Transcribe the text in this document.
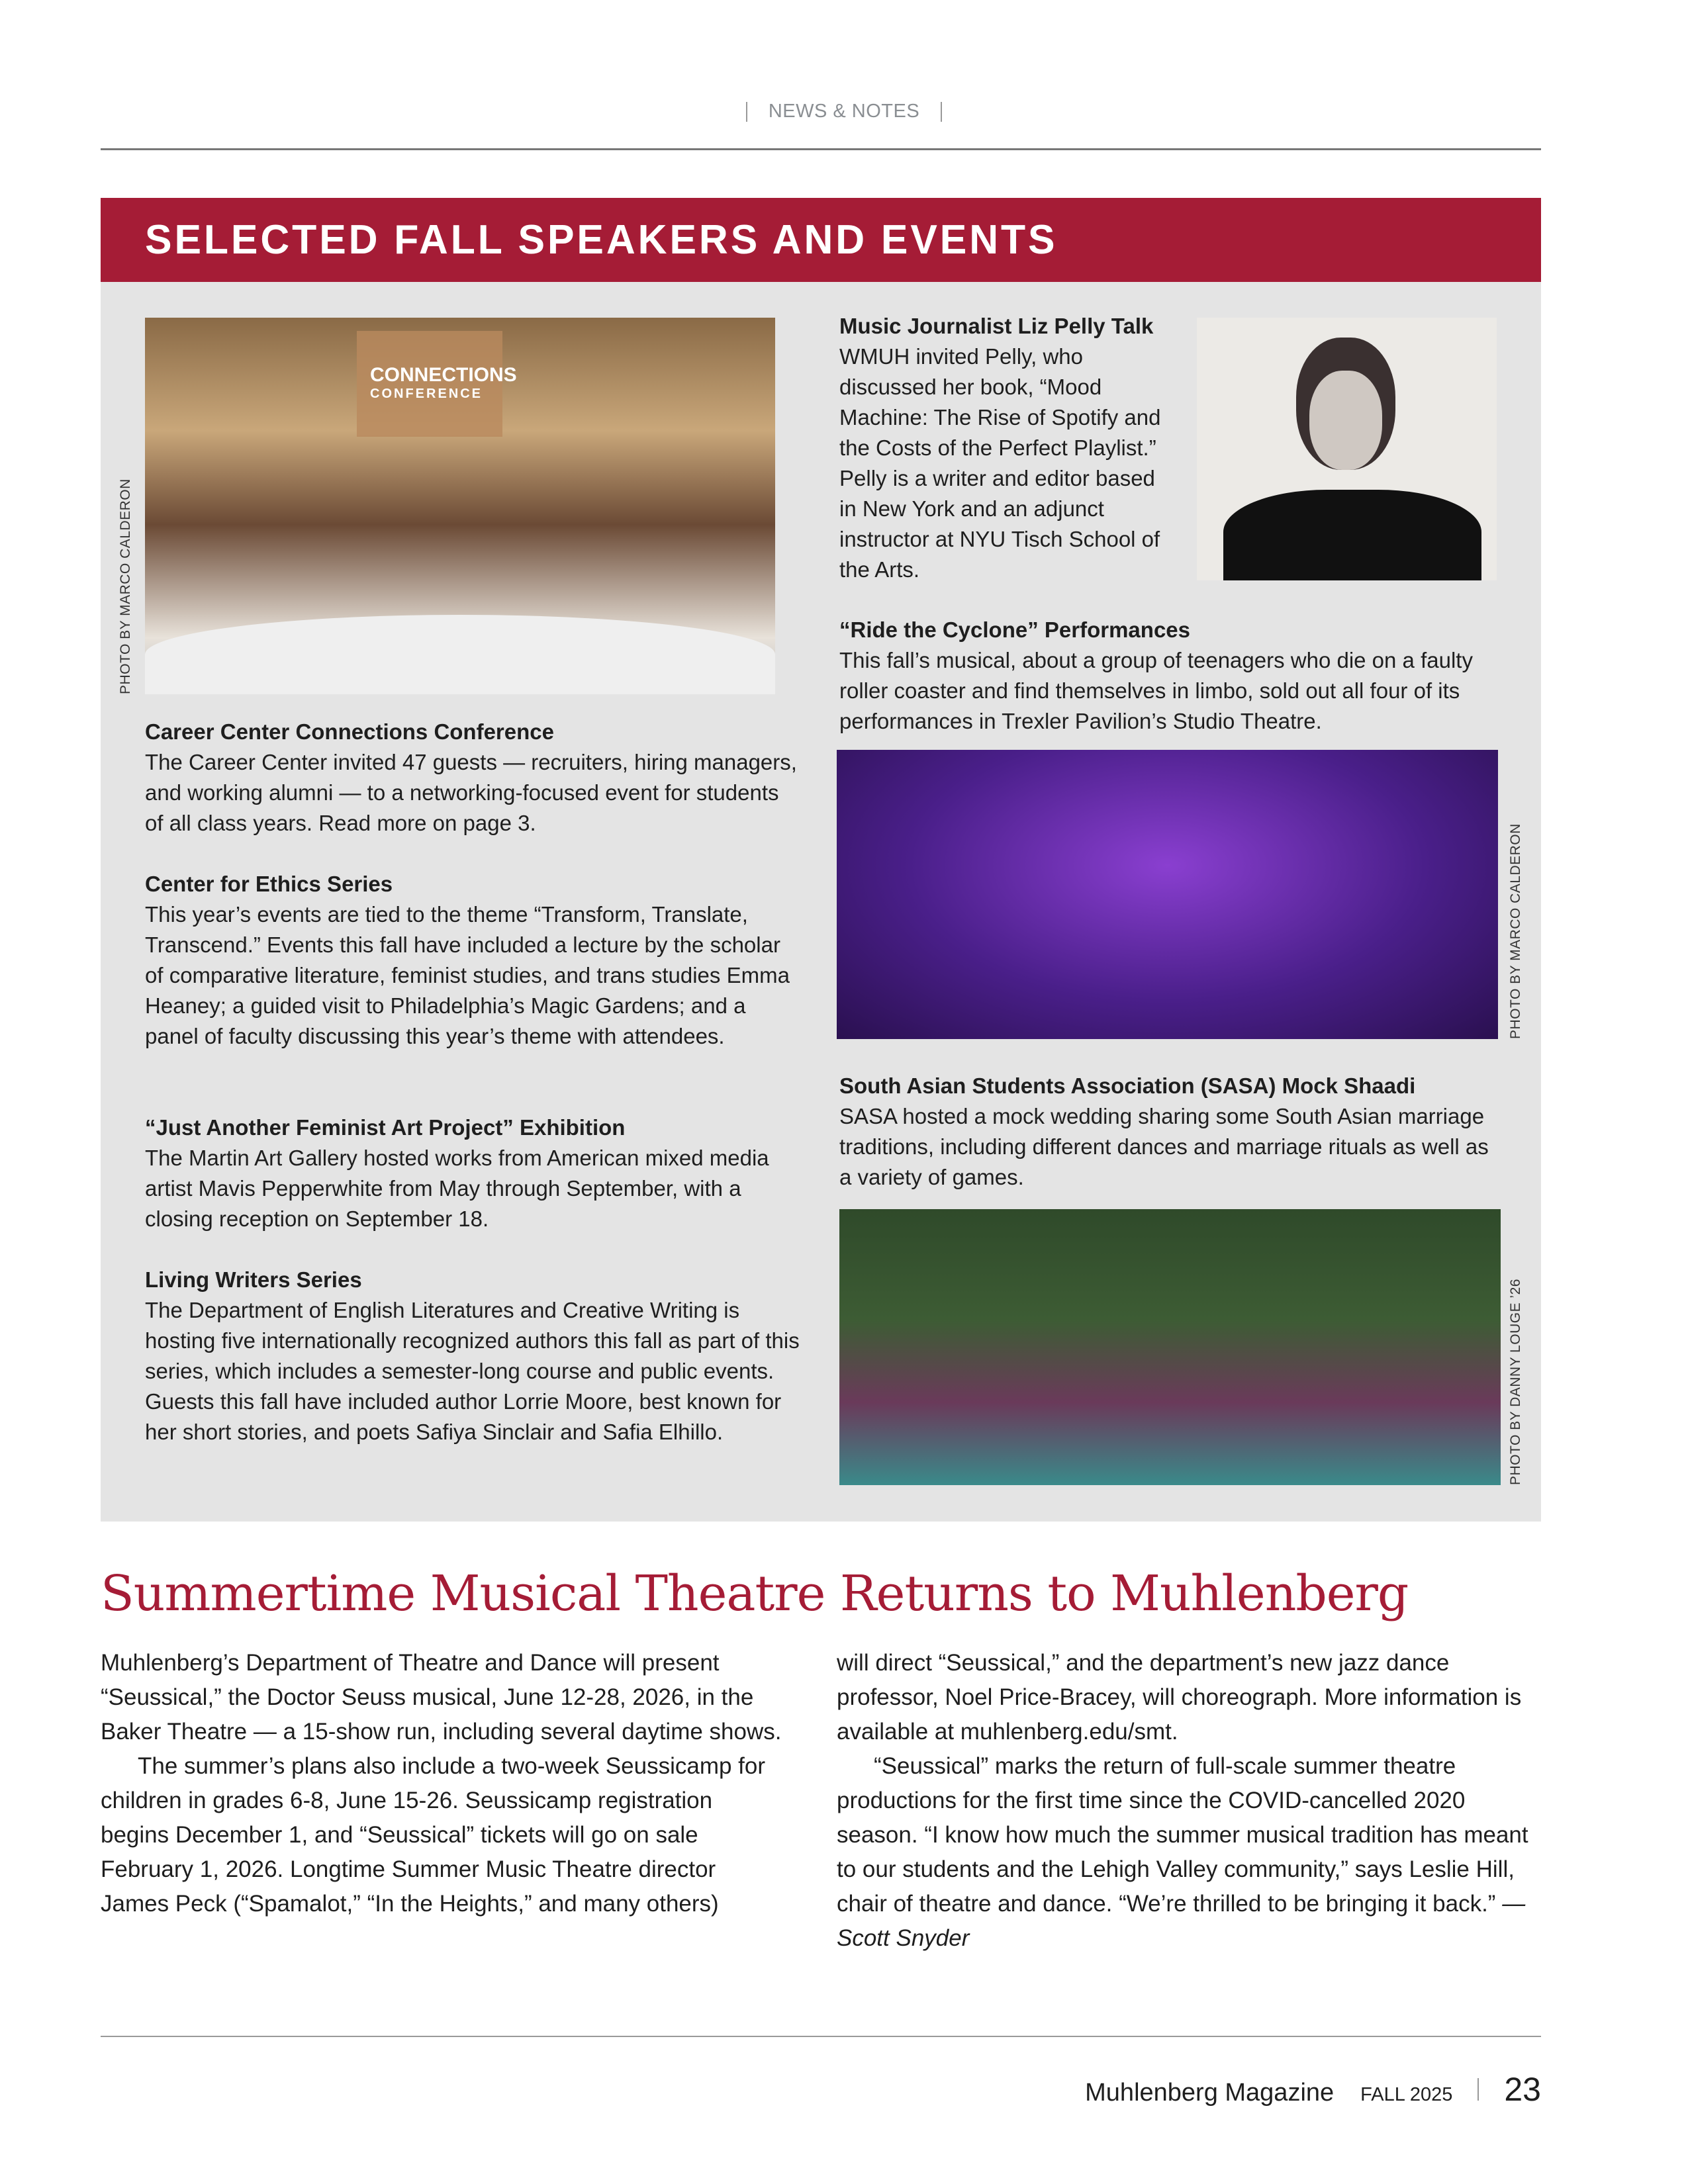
NEWS & NOTES
SELECTED FALL SPEAKERS AND EVENTS
CONNECTIONS
CONFERENCE
PHOTO BY MARCO CALDERON
Career Center Connections Conference

The Career Center invited 47 guests — recruiters, hiring managers, and working alumni — to a networking-focused event for students of all class years. Read more on page 3.

Center for Ethics Series

This year’s events are tied to the theme “Transform, Translate, Transcend.” Events this fall have included a lecture by the scholar of comparative literature, feminist studies, and trans studies Emma Heaney; a guided visit to Philadelphia’s Magic Gardens; and a panel of faculty discussing this year’s theme with attendees.

“Just Another Feminist Art Project” Exhibition

The Martin Art Gallery hosted works from American mixed media artist Mavis Pepperwhite from May through September, with a closing reception on September 18.

Living Writers Series

The Department of English Literatures and Creative Writing is hosting five internationally recognized authors this fall as part of this series, which includes a semester-long course and public events. Guests this fall have included author Lorrie Moore, best known for her short stories, and poets Safiya Sinclair and Safia Elhillo.

Music Journalist Liz Pelly Talk

WMUH invited Pelly, who discussed her book, “Mood Machine: The Rise of Spotify and the Costs of the Perfect Playlist.” Pelly is a writer and editor based in New York and an adjunct instructor at NYU Tisch School of the Arts.

“Ride the Cyclone” Performances

This fall’s musical, about a group of teenagers who die on a faulty roller coaster and find themselves in limbo, sold out all four of its performances in Trexler Pavilion’s Studio Theatre.

PHOTO BY MARCO CALDERON
South Asian Students Association (SASA) Mock Shaadi

SASA hosted a mock wedding sharing some South Asian marriage traditions, including different dances and marriage rituals as well as a variety of games.

PHOTO BY DANNY LOUGE ’26
Summertime Musical Theatre Returns to Muhlenberg

Muhlenberg’s Department of Theatre and Dance will present “Seussical,” the Doctor Seuss musical, June 12-28, 2026, in the Baker Theatre — a 15-show run, including several daytime shows.

The summer’s plans also include a two-week Seussicamp for children in grades 6-8, June 15-26. Seussicamp registration begins December 1, and “Seussical” tickets will go on sale February 1, 2026. Longtime Summer Music Theatre director James Peck (“Spamalot,” “In the Heights,” and many others)

will direct “Seussical,” and the department’s new jazz dance professor, Noel Price-Bracey, will choreograph. More information is available at muhlenberg.edu/smt.

“Seussical” marks the return of full-scale summer theatre productions for the first time since the COVID-cancelled 2020 season. “I know how much the summer musical tradition has meant to our students and the Lehigh Valley community,” says Leslie Hill, chair of theatre and dance. “We’re thrilled to be bringing it back.” —Scott Snyder

Muhlenberg Magazine FALL 2025 23
